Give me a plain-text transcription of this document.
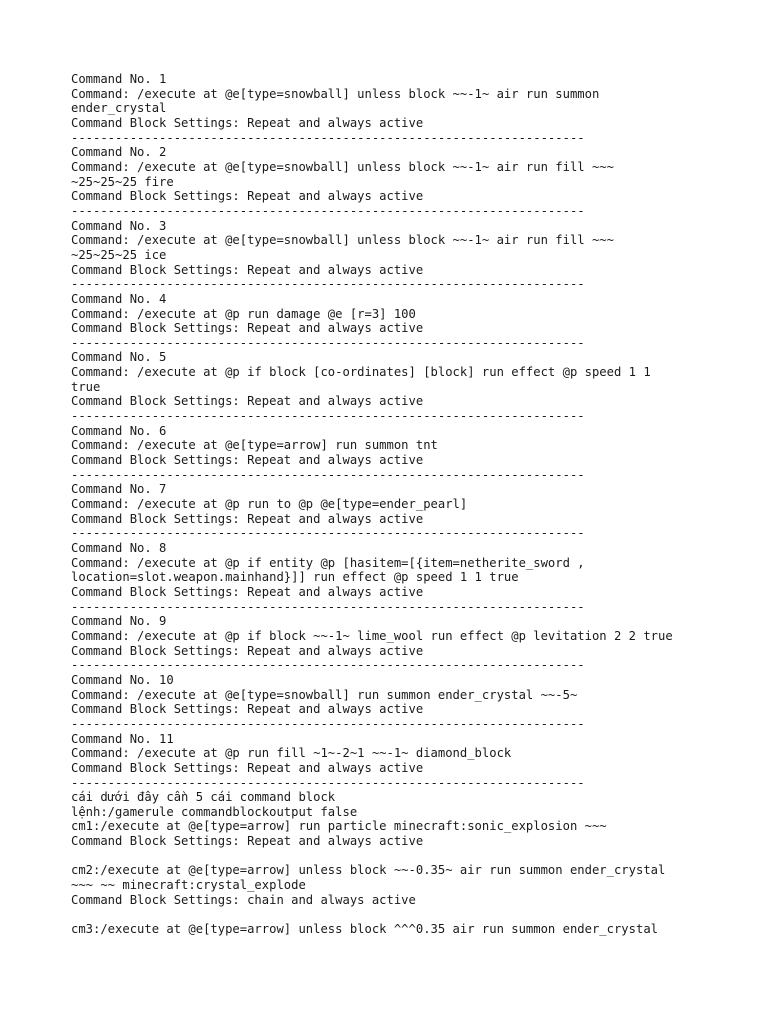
Command No. 1
Command: /execute at @e[type=snowball] unless block ~~-1~ air run summon
ender_crystal
Command Block Settings: Repeat and always active
----------------------------------------------------------------------
Command No. 2
Command: /execute at @e[type=snowball] unless block ~~-1~ air run fill ~~~
~25~25~25 fire
Command Block Settings: Repeat and always active
----------------------------------------------------------------------
Command No. 3
Command: /execute at @e[type=snowball] unless block ~~-1~ air run fill ~~~
~25~25~25 ice
Command Block Settings: Repeat and always active
----------------------------------------------------------------------
Command No. 4
Command: /execute at @p run damage @e [r=3] 100
Command Block Settings: Repeat and always active
----------------------------------------------------------------------
Command No. 5
Command: /execute at @p if block [co-ordinates] [block] run effect @p speed 1 1
true
Command Block Settings: Repeat and always active
----------------------------------------------------------------------
Command No. 6
Command: /execute at @e[type=arrow] run summon tnt
Command Block Settings: Repeat and always active
----------------------------------------------------------------------
Command No. 7
Command: /execute at @p run to @p @e[type=ender_pearl]
Command Block Settings: Repeat and always active
----------------------------------------------------------------------
Command No. 8
Command: /execute at @p if entity @p [hasitem=[{item=netherite_sword ,
location=slot.weapon.mainhand}]] run effect @p speed 1 1 true
Command Block Settings: Repeat and always active
----------------------------------------------------------------------
Command No. 9
Command: /execute at @p if block ~~-1~ lime_wool run effect @p levitation 2 2 true
Command Block Settings: Repeat and always active
----------------------------------------------------------------------
Command No. 10
Command: /execute at @e[type=snowball] run summon ender_crystal ~~-5~
Command Block Settings: Repeat and always active
----------------------------------------------------------------------
Command No. 11
Command: /execute at @p run fill ~1~-2~1 ~~-1~ diamond_block
Command Block Settings: Repeat and always active
----------------------------------------------------------------------
cái dưới đây cần 5 cái command block
lệnh:/gamerule commandblockoutput false
cm1:/execute at @e[type=arrow] run particle minecraft:sonic_explosion ~~~
Command Block Settings: Repeat and always active
cm2:/execute at @e[type=arrow] unless block ~~-0.35~ air run summon ender_crystal
~~~ ~~ minecraft:crystal_explode
Command Block Settings: chain and always active
cm3:/execute at @e[type=arrow] unless block ^^^0.35 air run summon ender_crystal
